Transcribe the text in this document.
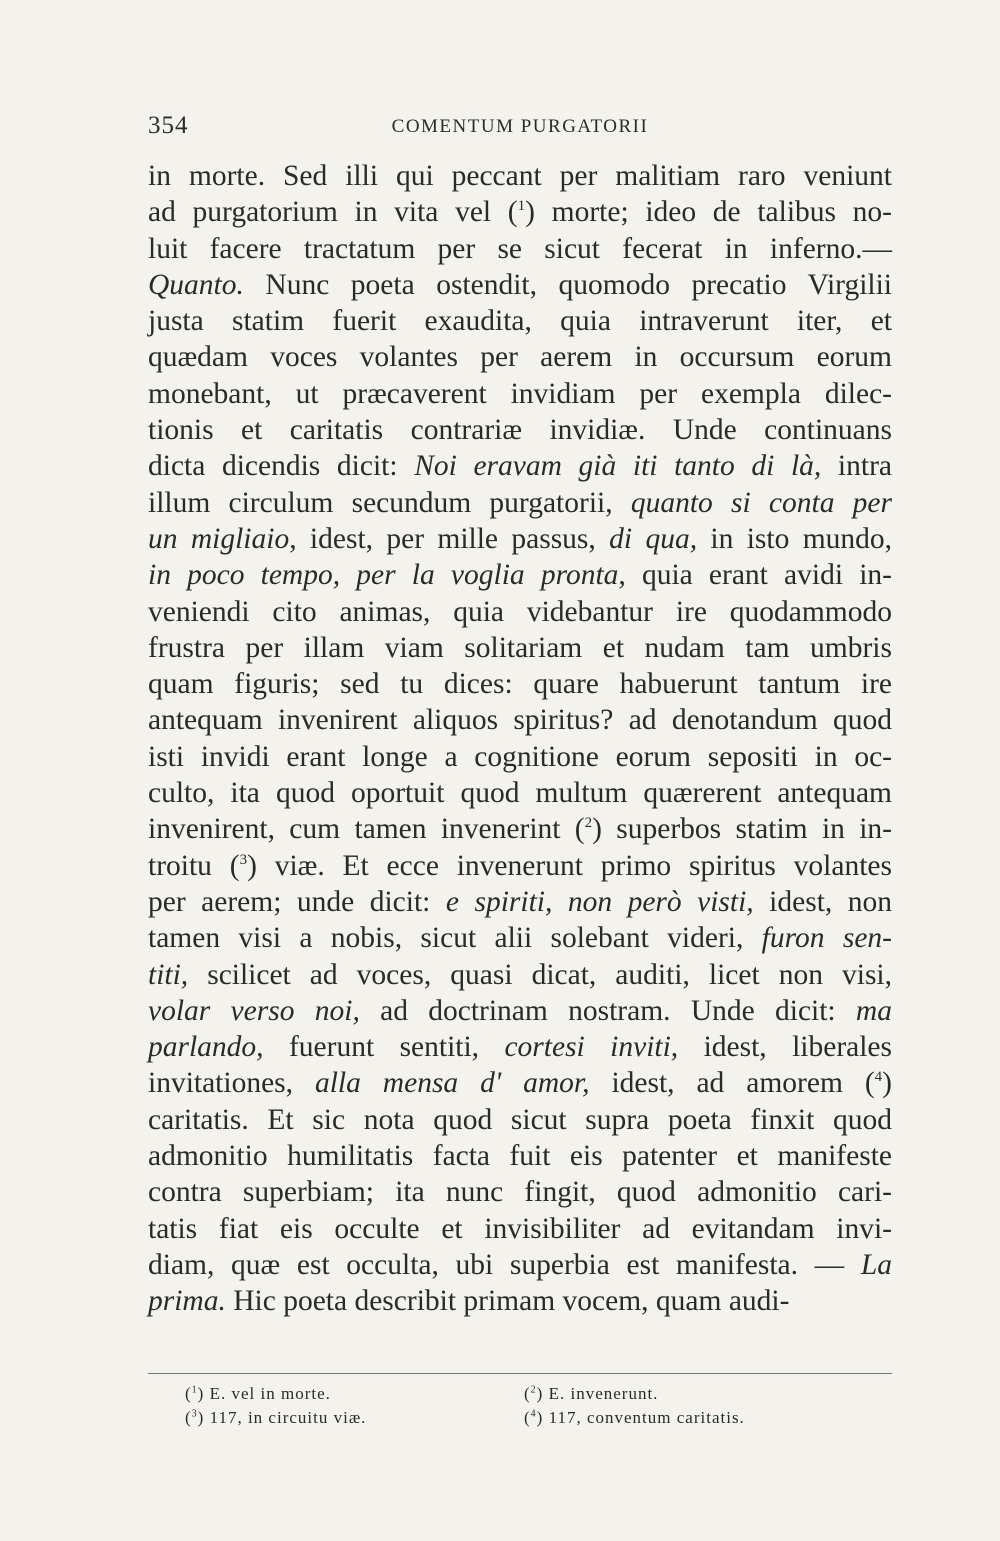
354	COMENTUM PURGATORII
in morte. Sed illi qui peccant per malitiam raro veniunt
ad purgatorium in vita vel ($^1$) morte; ideo de talibus no-
luit facere tractatum per se sicut fecerat in inferno.—
Quanto. Nunc poeta ostendit, quomodo precatio Virgilii
justa statim fuerit exaudita, quia intraverunt iter, et
quædam voces volantes per aerem in occursum eorum
monebant, ut præcaverent invidiam per exempla dilec-
tionis et caritatis contrariæ invidiæ. Unde continuans
dicta dicendis dicit: Noi eravam già iti tanto di là, intra
illum circulum secundum purgatorii, quanto si conta per
un migliaio, idest, per mille passus, di qua, in isto mundo,
in poco tempo, per la voglia pronta, quia erant avidi in-
veniendi cito animas, quia videbantur ire quodammodo
frustra per illam viam solitariam et nudam tam umbris
quam figuris; sed tu dices: quare habuerunt tantum ire
antequam invenirent aliquos spiritus? ad denotandum quod
isti invidi erant longe a cognitione eorum sepositi in oc-
culto, ita quod oportuit quod multum quærerent antequam
invenirent, cum tamen invenerint ($^2$) superbos statim in in-
troitu ($^3$) viæ. Et ecce invenerunt primo spiritus volantes
per aerem; unde dicit: e spiriti, non però visti, idest, non
tamen visi a nobis, sicut alii solebant videri, furon sen-
titi, scilicet ad voces, quasi dicat, auditi, licet non visi,
volar verso noi, ad doctrinam nostram. Unde dicit: ma
parlando, fuerunt sentiti, cortesi inviti, idest, liberales
invitationes, alla mensa d' amor, idest, ad amorem ($^4$)
caritatis. Et sic nota quod sicut supra poeta finxit quod
admonitio humilitatis facta fuit eis patenter et manifeste
contra superbiam; ita nunc fingit, quod admonitio cari-
tatis fiat eis occulte et invisibiliter ad evitandam invi-
diam, quæ est occulta, ubi superbia est manifesta. — La
prima. Hic poeta describit primam vocem, quam audi-
($^1$) E. vel in morte.	($^2$) E. invenerunt.
($^3$) 117, in circuitu viæ.	($^4$) 117, conventum caritatis.
